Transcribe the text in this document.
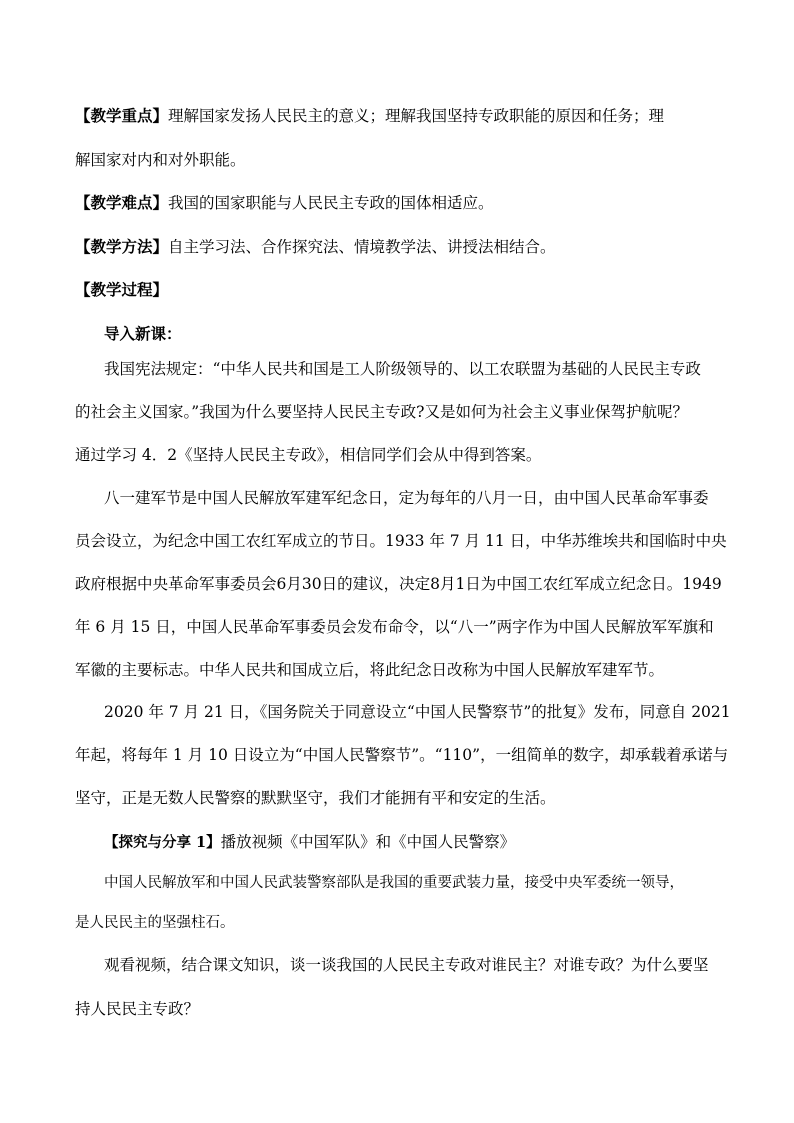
【教学重点】理解国家发扬人民民主的意义；理解我国坚持专政职能的原因和任务；理
解国家对内和对外职能。
【教学难点】我国的国家职能与人民民主专政的国体相适应。
【教学方法】自主学习法、合作探究法、情境教学法、讲授法相结合。
【教学过程】
导入新课：
我国宪法规定：“中华人民共和国是工人阶级领导的、以工农联盟为基础的人民民主专政
的社会主义国家。”我国为什么要坚持人民民主专政?又是如何为社会主义事业保驾护航呢？
通过学习 4．2《坚持人民民主专政》，相信同学们会从中得到答案。
八一建军节是中国人民解放军建军纪念日，定为每年的八月一日，由中国人民革命军事委
员会设立，为纪念中国工农红军成立的节日。1933 年 7 月 11 日，中华苏维埃共和国临时中央
政府根据中央革命军事委员会6月30日的建议，决定8月1日为中国工农红军成立纪念日。1949
年 6 月 15 日，中国人民革命军事委员会发布命令，以“八一”两字作为中国人民解放军军旗和
军徽的主要标志。中华人民共和国成立后，将此纪念日改称为中国人民解放军建军节。
2020 年 7 月 21 日，《国务院关于同意设立“中国人民警察节”的批复》发布，同意自 2021
年起，将每年 1 月 10 日设立为“中国人民警察节”。“110”，一组简单的数字，却承载着承诺与
坚守，正是无数人民警察的默默坚守，我们才能拥有平和安定的生活。
【探究与分享 1】播放视频《中国军队》和《中国人民警察》
中国人民解放军和中国人民武装警察部队是我国的重要武装力量，接受中央军委统一领导，
是人民民主的坚强柱石。
观看视频，结合课文知识，谈一谈我国的人民民主专政对谁民主？对谁专政？为什么要坚
持人民民主专政？
